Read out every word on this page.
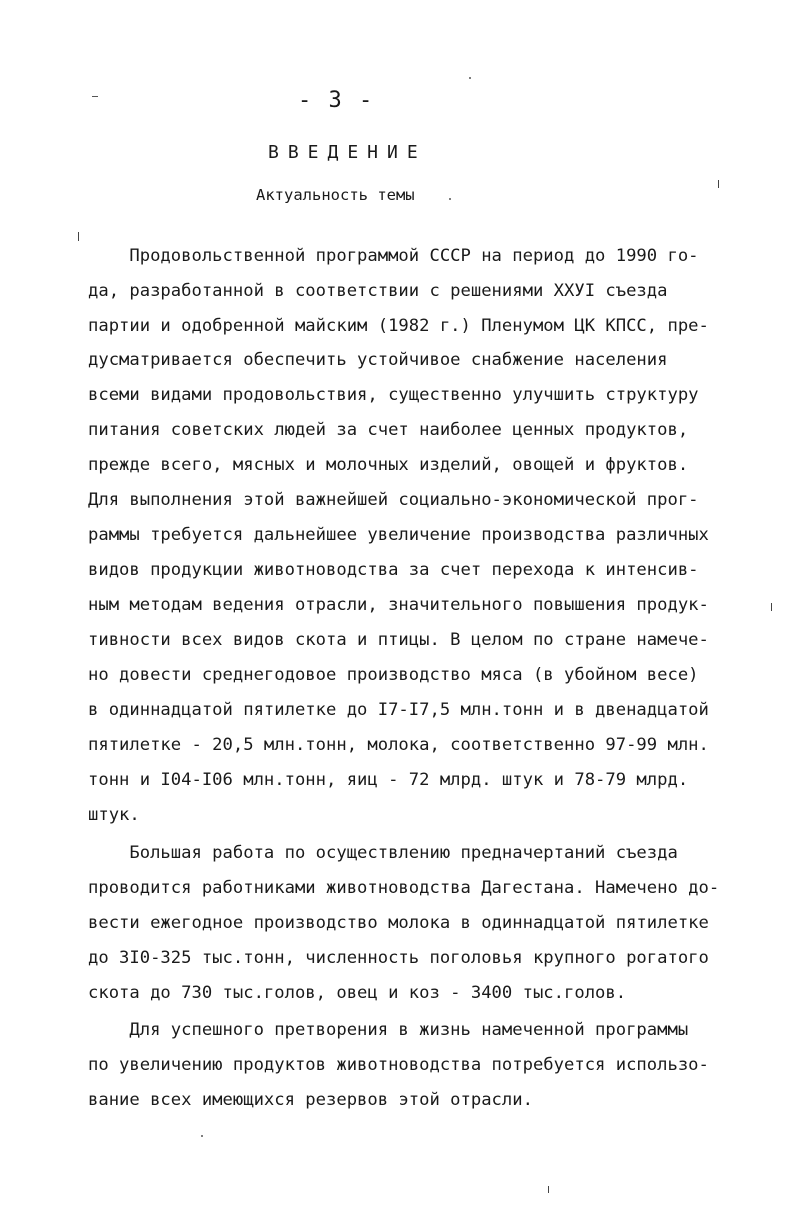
- 3 -
ВВЕДЕНИЕ
Актуальность темы
Продовольственной программой СССР на период до 1990 го-
да, разработанной в соответствии с решениями ХХУI съезда
партии и одобренной майским (1982 г.) Пленумом ЦК КПСС, пре-
дусматривается обеспечить устойчивое снабжение населения
всеми видами продовольствия, существенно улучшить структуру
питания советских людей за счет наиболее ценных продуктов,
прежде всего, мясных и молочных изделий, овощей и фруктов.
Для выполнения этой важнейшей социально-экономической прог-
раммы требуется дальнейшее увеличение производства различных
видов продукции животноводства за счет перехода к интенсив-
ным методам ведения отрасли, значительного повышения продук-
тивности всех видов скота и птицы. В целом по стране намече-
но довести среднегодовое производство мяса (в убойном весе)
в одиннадцатой пятилетке до I7-I7,5 млн.тонн и в двенадцатой
пятилетке - 20,5 млн.тонн, молока, соответственно 97-99 млн.
тонн и I04-I06 млн.тонн, яиц - 72 млрд. штук и 78-79 млрд.
штук.
Большая работа по осуществлению предначертаний съезда
проводится работниками животноводства Дагестана. Намечено до-
вести ежегодное производство молока в одиннадцатой пятилетке
до 3I0-325 тыс.тонн, численность поголовья крупного рогатого
скота до 730 тыс.голов, овец и коз - 3400 тыс.голов.
Для успешного претворения в жизнь намеченной программы
по увеличению продуктов животноводства потребуется использо-
вание всех имеющихся резервов этой отрасли.
